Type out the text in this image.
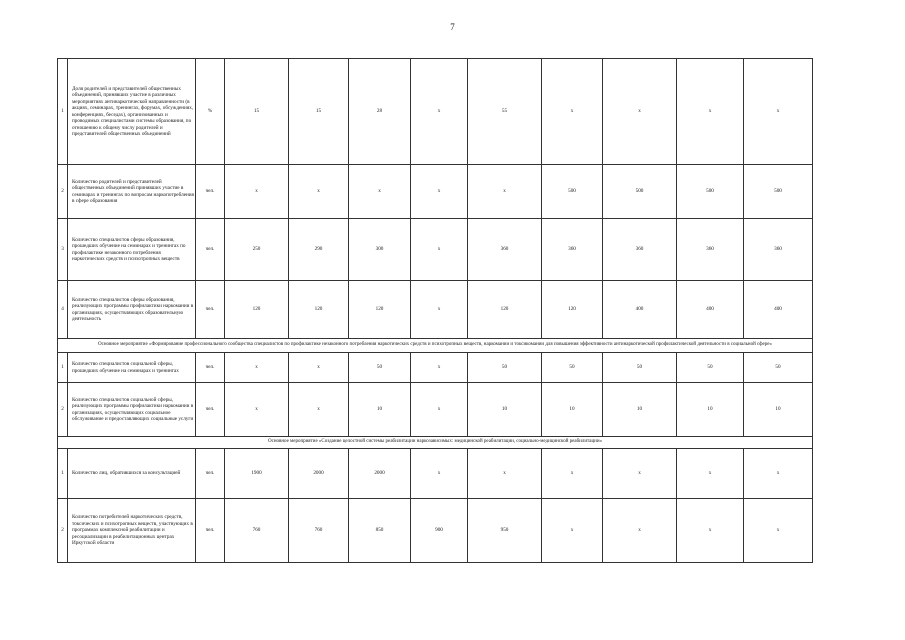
7
1	Доля родителей и представителей общественных объединений, принявших участие в различных мероприятиях антинаркотической направленности (в акциях, семинарах, тренингах, форумах, обсуждениях, конференциях, беседах), организованных и проводимых специалистами системы образования, по отношению к общему числу родителей и представителей общественных объединений	%	15	15	28	х	55	х	х	х	х
2	Количество родителей и представителей общественных объединений принявших участие в семинарах и тренингах по вопросам наркопотребления в сфере образования	чел.	х	х	х	х	х	500	500	500	500
3	Количество специалистов сферы образования, прошедших обучение на семинарах и тренингах по профилактике незаконного потребления наркотических средств и психотропных веществ	чел.	250	290	300	х	360	360	360	360	360
4	Количество специалистов сферы образования, реализующих программы профилактики наркомании в организациях, осуществляющих образовательную деятельность	чел.	120	120	120	х	120	120	400	400	400
Основное мероприятие «Формирование профессионального сообщества специалистов по профилактике незаконного потребления наркотических средств и психотропных веществ, наркомании и токсикомании для повышения эффективности антинаркотической профилактической деятельности в социальной сфере»											
1	Количество специалистов социальной сферы, прошедших обучение на семинарах и тренингах	чел.	х	х	50	х	50	50	50	50	50
2	Количество специалистов социальной сферы, реализующих программы профилактики наркомании в организациях, осуществляющих социальное обслуживание и предоставляющих социальные услуги	чел.	х	х	10	х	10	10	10	10	10
Основное мероприятие «Создание целостной системы реабилитации наркозависимых: медицинской реабилитации, социально-медицинской реабилитации»											
1	Количество лиц, обратившихся за консультацией	чел.	1900	2000	2000	х	х	х	х	х	х
2	Количество потребителей наркотических средств, токсических и психотропных веществ, участвующих в программах комплексной реабилитации и ресоциализации в реабилитационных центрах Иркутской области	чел.	760	760	850	900	950	х	х	х	х
